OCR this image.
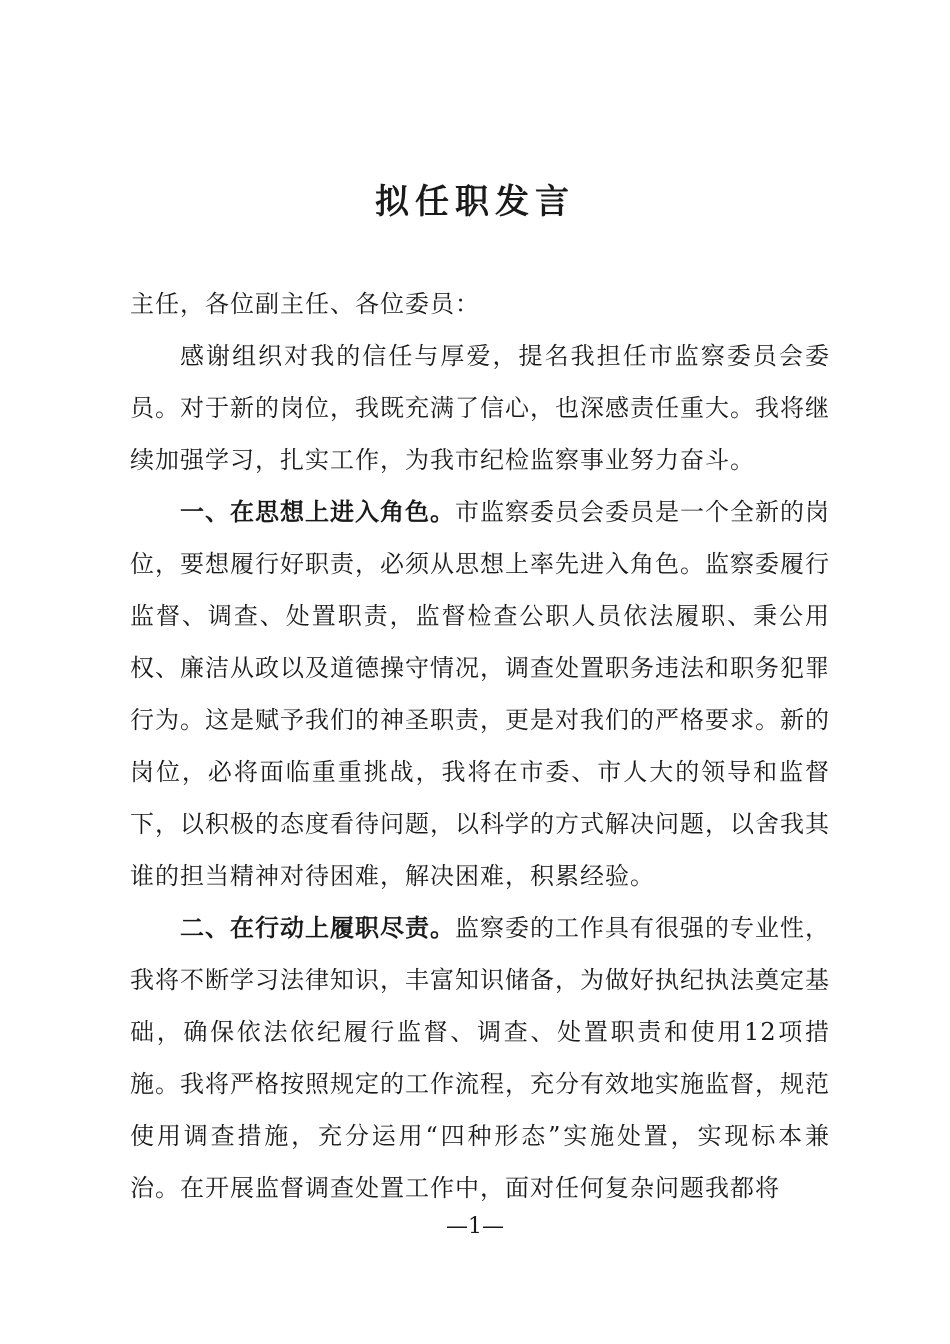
拟任职发言

主任，各位副主任、各位委员：

感谢组织对我的信任与厚爱，提名我担任市监察委员会委员。对于新的岗位，我既充满了信心，也深感责任重大。我将继续加强学习，扎实工作，为我市纪检监察事业努力奋斗。

一、在思想上进入角色。市监察委员会委员是一个全新的岗位，要想履行好职责，必须从思想上率先进入角色。监察委履行监督、调查、处置职责，监督检查公职人员依法履职、秉公用权、廉洁从政以及道德操守情况，调查处置职务违法和职务犯罪行为。这是赋予我们的神圣职责，更是对我们的严格要求。新的岗位，必将面临重重挑战，我将在市委、市人大的领导和监督下，以积极的态度看待问题，以科学的方式解决问题，以舍我其谁的担当精神对待困难，解决困难，积累经验。

二、在行动上履职尽责。监察委的工作具有很强的专业性，我将不断学习法律知识，丰富知识储备，为做好执纪执法奠定基础，确保依法依纪履行监督、调查、处置职责和使用12项措施。我将严格按照规定的工作流程，充分有效地实施监督，规范使用调查措施，充分运用“四种形态”实施处置，实现标本兼治。在开展监督调查处置工作中，面对任何复杂问题我都将

—1—
